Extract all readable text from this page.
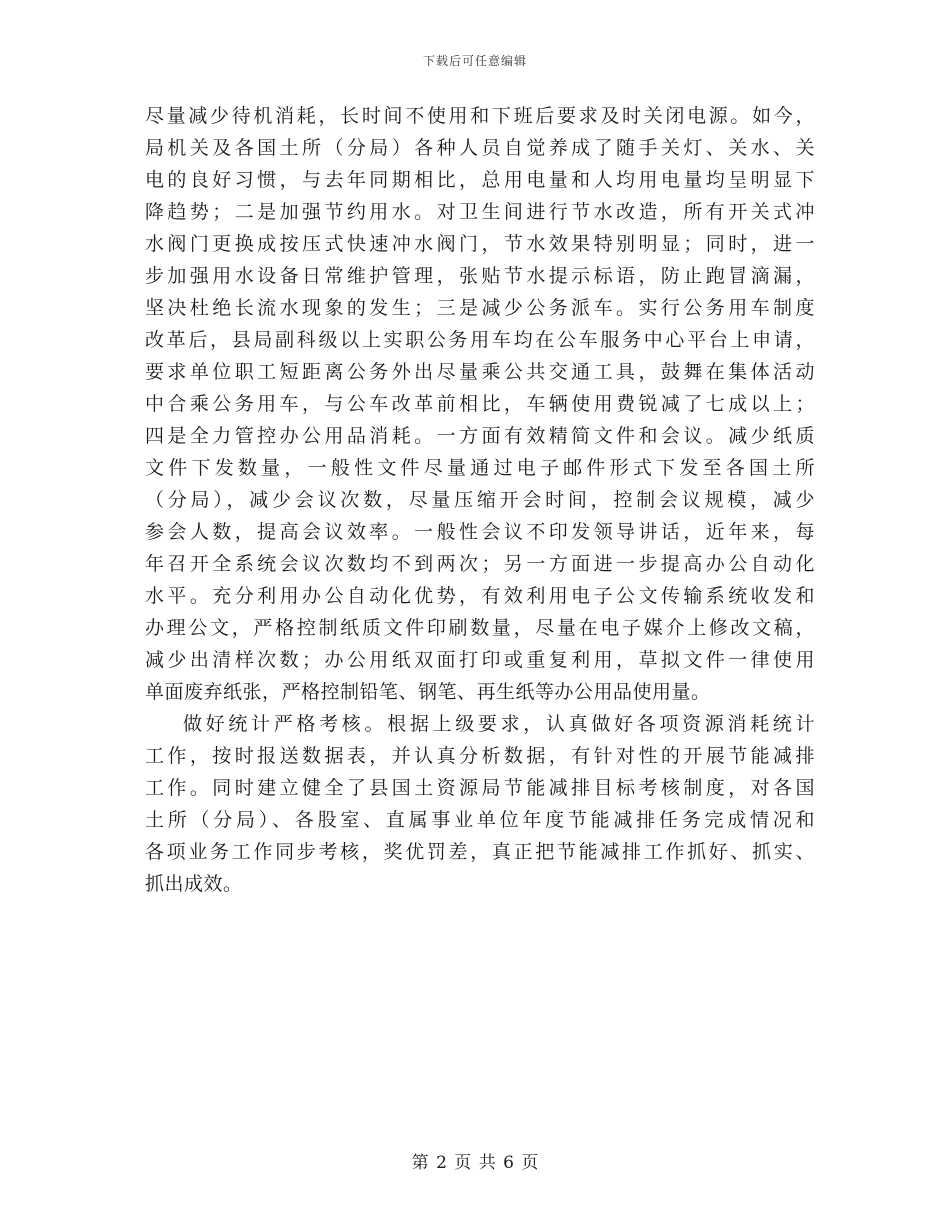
下载后可任意编辑
尽量减少待机消耗，长时间不使用和下班后要求及时关闭电源。如今，
局机关及各国土所（分局）各种人员自觉养成了随手关灯、关水、关
电的良好习惯，与去年同期相比，总用电量和人均用电量均呈明显下
降趋势；二是加强节约用水。对卫生间进行节水改造，所有开关式冲
水阀门更换成按压式快速冲水阀门，节水效果特别明显；同时，进一
步加强用水设备日常维护管理，张贴节水提示标语，防止跑冒滴漏，
坚决杜绝长流水现象的发生；三是减少公务派车。实行公务用车制度
改革后，县局副科级以上实职公务用车均在公车服务中心平台上申请，
要求单位职工短距离公务外出尽量乘公共交通工具，鼓舞在集体活动
中合乘公务用车，与公车改革前相比，车辆使用费锐减了七成以上；
四是全力管控办公用品消耗。一方面有效精简文件和会议。减少纸质
文件下发数量，一般性文件尽量通过电子邮件形式下发至各国土所
（分局），减少会议次数，尽量压缩开会时间，控制会议规模，减少
参会人数，提高会议效率。一般性会议不印发领导讲话，近年来，每
年召开全系统会议次数均不到两次；另一方面进一步提高办公自动化
水平。充分利用办公自动化优势，有效利用电子公文传输系统收发和
办理公文，严格控制纸质文件印刷数量，尽量在电子媒介上修改文稿，
减少出清样次数；办公用纸双面打印或重复利用，草拟文件一律使用
单面废弃纸张，严格控制铅笔、钢笔、再生纸等办公用品使用量。
做好统计严格考核。根据上级要求，认真做好各项资源消耗统计
工作，按时报送数据表，并认真分析数据，有针对性的开展节能减排
工作。同时建立健全了县国土资源局节能减排目标考核制度，对各国
土所（分局）、各股室、直属事业单位年度节能减排任务完成情况和
各项业务工作同步考核，奖优罚差，真正把节能减排工作抓好、抓实、
抓出成效。
第 2 页 共 6 页
